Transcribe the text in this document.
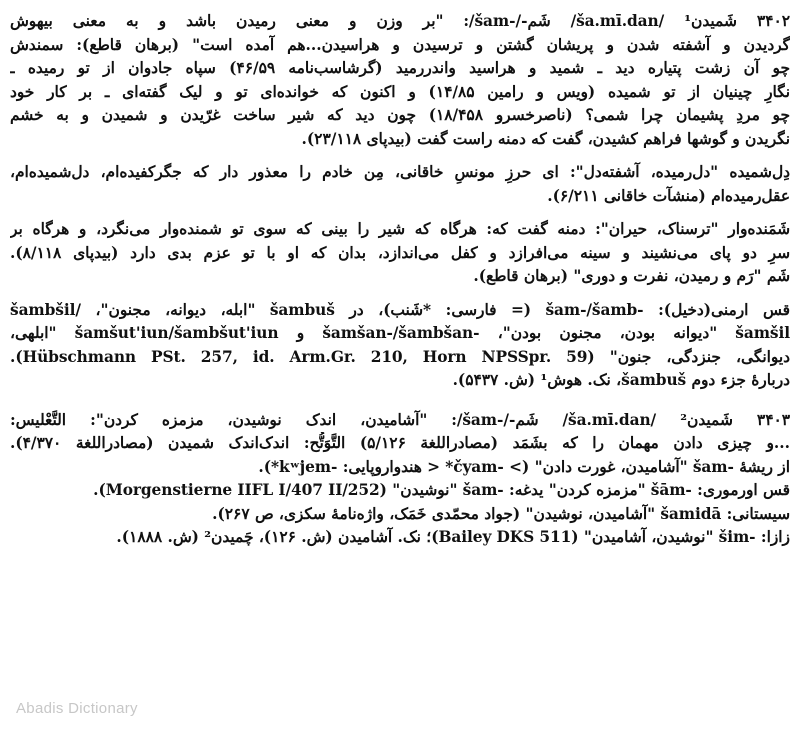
۳۴۰۲ شَمیدن¹ /ša.mī.dan/ شَم-/-šam/: "بر وزن و معنی رمیدن باشد و به معنی بیهوش
گردیدن و آشفته شدن و پریشان گشتن و ترسیدن و هراسیدن...هم آمده است" (برهان قاطع): سمندش
چو آن زشت پتیاره دید ـ شمید و هراسید واندررمید (گرشاسب‌نامه ۴۶/۵۹) سپاه جادوان از تو رمیده ـ
نگارِ چینیان از تو شمیده (ویس و رامین ۱۴/۸۵) و اکنون که خوانده‌ای تو و لیک گفته‌ای ـ بر کار خود
چو مردِ پشیمان چرا شمی؟ (ناصرخسرو ۱۸/۴۵۸) چون دید که شیر ساخت غرّیدن و شمیدن و به خشم
نگریدن و گوشها فراهم کشیدن، گفت که دمنه راست گفت (بیدپای ۲۳/۱۱۸).
دِل‌شمیده "دل‌رمیده، آشفته‌دل": ای حرزِ مونسِ خاقانی، مِن خادم را معذور دار که جگرکفیده‌ام، دل‌شمیده‌ام،
عقل‌رمیده‌ام (منشآت خاقانی ۶/۲۱۱).
شَمَنده‌وار "ترسناک، حیران": دمنه گفت که: هرگاه که شیر را بینی که سوی تو شمنده‌وار می‌نگرد، و هرگاه بر
سرِ دو پای می‌نشیند و سینه می‌افرازد و کفل می‌اندازد، بدان که او با تو عزم بدی دارد (بیدپای ۸/۱۱۸).
شَم "رَم و رمیدن، نفرت و دوری" (برهان قاطع).
قس ارمنی(دخیل): -šam-/šamb (= فارسی: *شَنب)، در šambuš "ابله، دیوانه، مجنون"، /šambšil
šamšil "دیوانه بودن، مجنون بودن"، -šamšan-/šambšan و šamšut'iun/šambšut'iun "ابلهی،
دیوانگی، جنزدگی، جنون" (Hübschmann PSt. 257, id. Arm.Gr. 210, Horn NPSSpr. 59).
دربارهٔ جزء دوم šambuš، نک. هوش¹ (ش. ۵۴۳۷).
۳۴۰۳ شَمیدن² /ša.mī.dan/ شَم-/-šam/: "آشامیدن، اندک نوشیدن، مزمزه کردن": التَّعْلیس:
...و چیزی دادن مهمان را که بشَمَد (مصادراللغة ۵/۱۲۶) التَّوَتُّح: اندک‌اندک شمیدن (مصادراللغة ۴/۳۷۰).
از ریشهٔ -šam "آشامیدن، غورت دادن" (> -čyam* < هندواروپایی: -kʷjem*).
قس اورموری: -šām "مزمزه کردن" یدغه: -šam "نوشیدن" (Morgenstierne IIFL I/407 II/252).
سیستانی: šamidā "آشامیدن، نوشیدن" (جواد محمّدی خَمَک، واژه‌نامهٔ سکزی، ص ۲۶۷).
زازا: -šim "نوشیدن، آشامیدن" (Bailey DKS 511)؛ نک. آشامیدن (ش. ۱۲۶)، چَمیدن² (ش. ۱۸۸۸).
Abadis Dictionary
